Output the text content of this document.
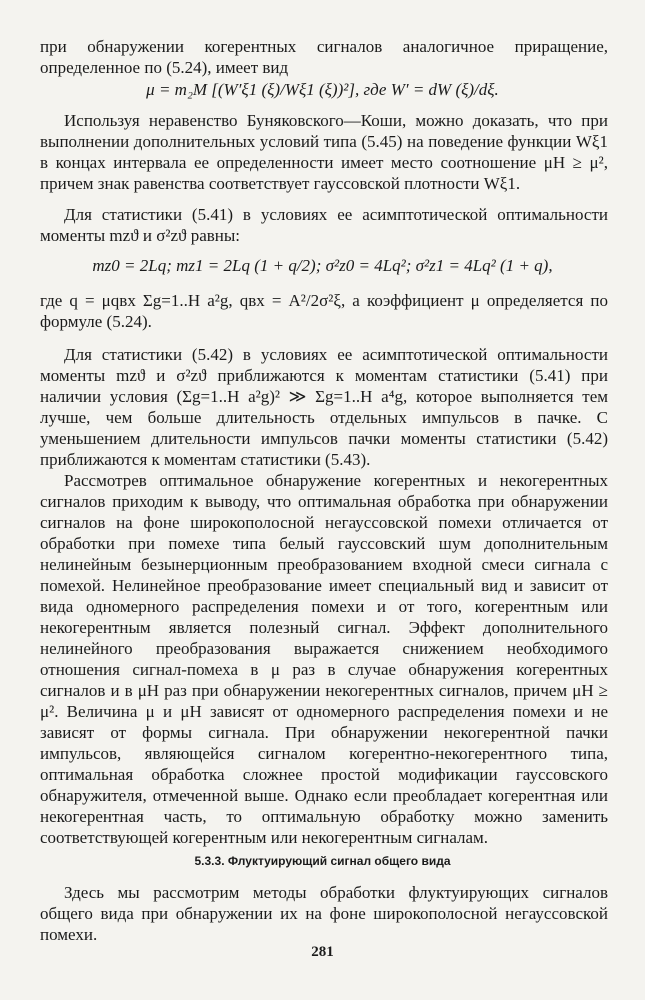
при обнаружении когерентных сигналов аналогичное приращение, определенное по (5.24), имеет вид

μ = m₂M [(W′ξ1 (ξ)/Wξ1 (ξ))²], где W′ = dW (ξ)/dξ.

Используя неравенство Буняковского—Коши, можно доказать, что при выполнении дополнительных условий типа (5.45) на поведение функции Wξ1 в концах интервала ее определенности имеет место соотношение μH ≥ μ², причем знак равенства соответствует гауссовской плотности Wξ1.

Для статистики (5.41) в условиях ее асимптотической оптимальности моменты mzϑ и σ²zϑ равны:

mz0 = 2Lq; mz1 = 2Lq (1 + q/2); σ²z0 = 4Lq²; σ²z1 = 4Lq² (1 + q),

где q = μqвх Σg=1..H a²g, qвх = A²/2σ²ξ, а коэффициент μ определяется по формуле (5.24).

Для статистики (5.42) в условиях ее асимптотической оптимальности моменты mzϑ и σ²zϑ приближаются к моментам статистики (5.41) при наличии условия (Σg=1..H a²g)² ≫ Σg=1..H a⁴g, которое выполняется тем лучше, чем больше длительность отдельных импульсов в пачке. С уменьшением длительности импульсов пачки моменты статистики (5.42) приближаются к моментам статистики (5.43).

Рассмотрев оптимальное обнаружение когерентных и некогерентных сигналов приходим к выводу, что оптимальная обработка при обнаружении сигналов на фоне широкополосной негауссовской помехи отличается от обработки при помехе типа белый гауссовский шум дополнительным нелинейным безынерционным преобразованием входной смеси сигнала с помехой. Нелинейное преобразование имеет специальный вид и зависит от вида одномерного распределения помехи и от того, когерентным или некогерентным является полезный сигнал. Эффект дополнительного нелинейного преобразования выражается снижением необходимого отношения сигнал-помеха в μ раз в случае обнаружения когерентных сигналов и в μH раз при обнаружении некогерентных сигналов, причем μH ≥ μ². Величина μ и μH зависят от одномерного распределения помехи и не зависят от формы сигнала. При обнаружении некогерентной пачки импульсов, являющейся сигналом когерентно-некогерентного типа, оптимальная обработка сложнее простой модификации гауссовского обнаружителя, отмеченной выше. Однако если преобладает когерентная или некогерентная часть, то оптимальную обработку можно заменить соответствующей когерентным или некогерентным сигналам.

5.3.3. Флуктуирующий сигнал общего вида

Здесь мы рассмотрим методы обработки флуктуирующих сигналов общего вида при обнаружении их на фоне широкополосной негауссовской помехи.

281
